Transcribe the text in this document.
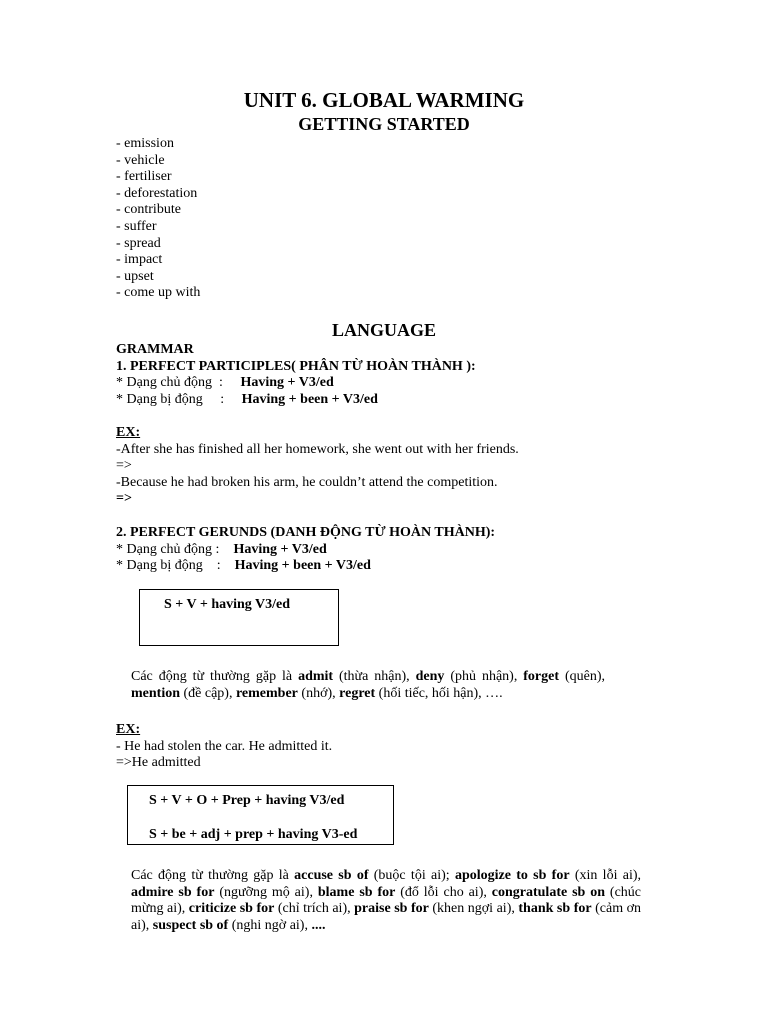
UNIT 6. GLOBAL WARMING
GETTING STARTED
- emission
- vehicle
- fertiliser
- deforestation
- contribute
- suffer
- spread
- impact
- upset
- come up with
LANGUAGE
GRAMMAR
1. PERFECT PARTICIPLES( PHÂN TỪ HOÀN THÀNH ):
* Dạng chủ động  :     Having + V3/ed
* Dạng bị động     :     Having + been + V3/ed
EX:
-After she has finished all her homework, she went out with her friends.
=>
-Because he had broken his arm, he couldn’t attend the competition.
=>
2. PERFECT GERUNDS (DANH ĐỘNG TỪ HOÀN THÀNH):
* Dạng chủ động :    Having + V3/ed
* Dạng bị động    :    Having + been + V3/ed
S + V + having V3/ed
Các động từ thường gặp là admit (thừa nhận), deny (phủ nhận), forget (quên), mention (đề cập), remember (nhớ), regret (hối tiếc, hối hận), ….
EX:
- He had stolen the car. He admitted it.
=>He admitted
S + V + O + Prep + having V3/ed
S + be + adj + prep + having V3-ed
Các động từ thường gặp là accuse sb of (buộc tội ai); apologize to sb for (xin lỗi ai), admire sb for (ngưỡng mộ ai), blame sb for (đổ lỗi cho ai), congratulate sb on (chúc mừng ai), criticize sb for (chỉ trích ai), praise sb for (khen ngợi ai), thank sb for (cảm ơn ai), suspect sb of (nghi ngờ ai), ....
